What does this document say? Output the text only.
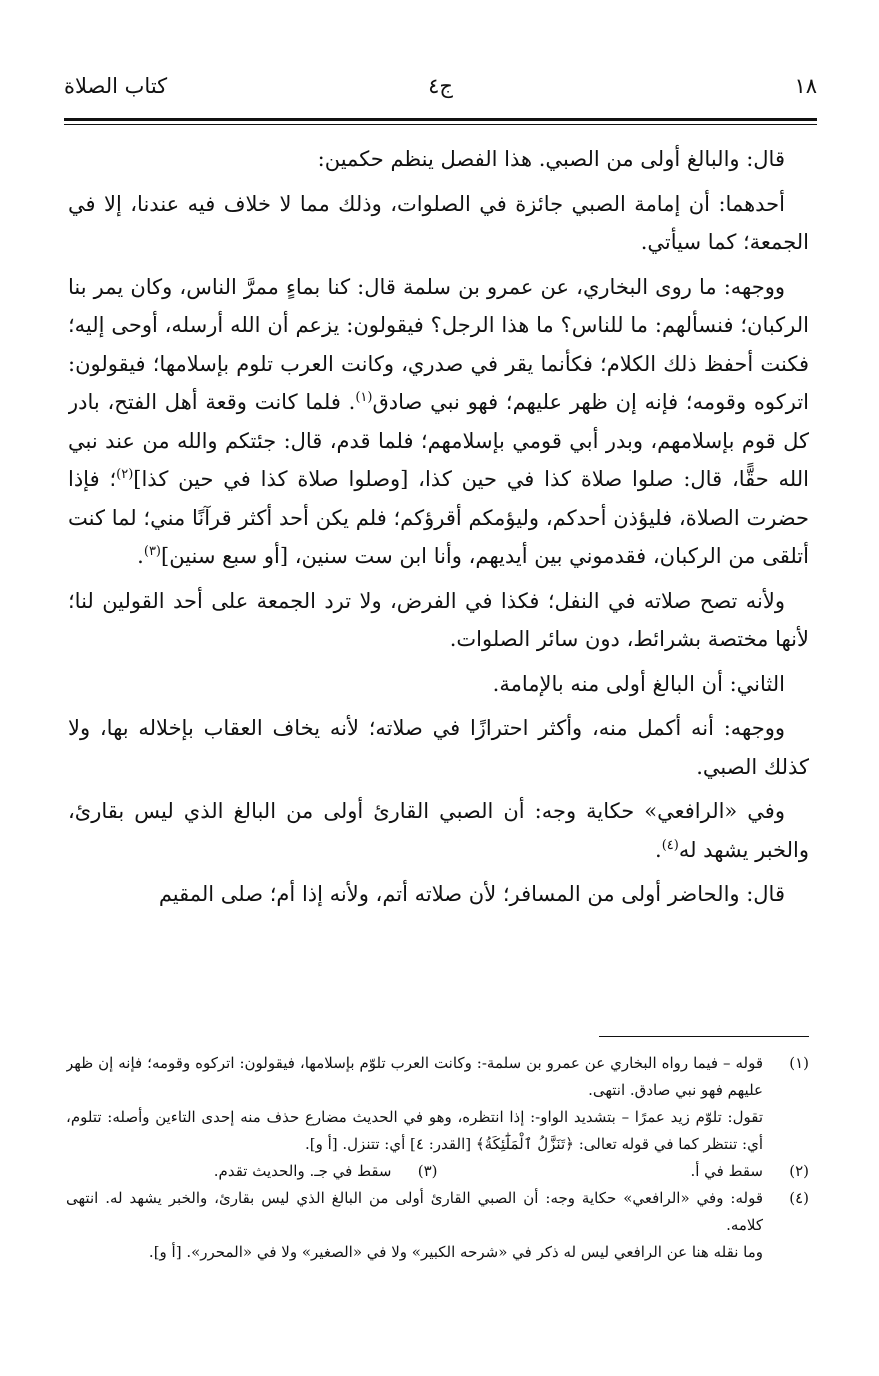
١٨
ج٤
كتاب الصلاة

قال: والبالغ أولى من الصبي. هذا الفصل ينظم حكمين:

أحدهما: أن إمامة الصبي جائزة في الصلوات، وذلك مما لا خلاف فيه عندنا، إلا في الجمعة؛ كما سيأتي.

ووجهه: ما روى البخاري، عن عمرو بن سلمة قال: كنا بماءٍ ممرَّ الناس، وكان يمر بنا الركبان؛ فنسألهم: ما للناس؟ ما هذا الرجل؟ فيقولون: يزعم أن الله أرسله، أوحى إليه؛ فكنت أحفظ ذلك الكلام؛ فكأنما يقر في صدري، وكانت العرب تلوم بإسلامها؛ فيقولون: اتركوه وقومه؛ فإنه إن ظهر عليهم؛ فهو نبي صادق$^{(١)}$. فلما كانت وقعة أهل الفتح، بادر كل قوم بإسلامهم، وبدر أبي قومي بإسلامهم؛ فلما قدم، قال: جئتكم والله من عند نبي الله حقًّا، قال: صلوا صلاة كذا في حين كذا، [وصلوا صلاة كذا في حين كذا]$^{(٢)}$؛ فإذا حضرت الصلاة، فليؤذن أحدكم، وليؤمكم أقرؤكم؛ فلم يكن أحد أكثر قرآنًا مني؛ لما كنت أتلقى من الركبان، فقدموني بين أيديهم، وأنا ابن ست سنين، [أو سبع سنين]$^{(٣)}$.

ولأنه تصح صلاته في النفل؛ فكذا في الفرض، ولا ترد الجمعة على أحد القولين لنا؛ لأنها مختصة بشرائط، دون سائر الصلوات.

الثاني: أن البالغ أولى منه بالإمامة.

ووجهه: أنه أكمل منه، وأكثر احترازًا في صلاته؛ لأنه يخاف العقاب بإخلاله بها، ولا كذلك الصبي.

وفي «الرافعي» حكاية وجه: أن الصبي القارئ أولى من البالغ الذي ليس بقارئ، والخبر يشهد له$^{(٤)}$.

قال: والحاضر أولى من المسافر؛ لأن صلاته أتم، ولأنه إذا أم؛ صلى المقيم

(١)
قوله – فيما رواه البخاري عن عمرو بن سلمة-: وكانت العرب تلوّم بإسلامها، فيقولون: اتركوه وقومه؛ فإنه إن ظهر عليهم فهو نبي صادق. انتهى.
تقول: تلوّم زيد عمرًا – بتشديد الواو-: إذا انتظره، وهو في الحديث مضارع حذف منه إحدى التاءين وأصله: تتلوم، أي: تنتظر كما في قوله تعالى: ﴿تَنَزَّلُ ٱلْمَلَٰٓئِكَةُ﴾ [القدر: ٤] أي: تتنزل. [أ و].
(٢)
سقط في أ.
(٣)
سقط في جـ. والحديث تقدم.
(٤)
قوله: وفي «الرافعي» حكاية وجه: أن الصبي القارئ أولى من البالغ الذي ليس بقارئ، والخبر يشهد له. انتهى كلامه.
وما نقله هنا عن الرافعي ليس له ذكر في «شرحه الكبير» ولا في «الصغير» ولا في «المحرر». [أ و].
